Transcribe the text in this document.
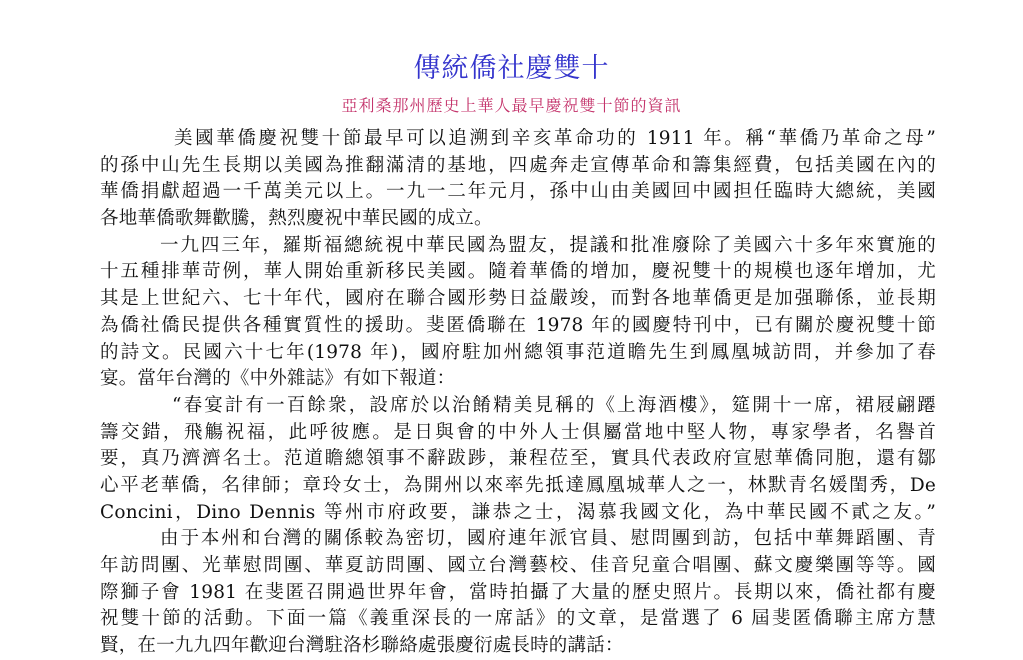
傳統僑社慶雙十
亞利桑那州歷史上華人最早慶祝雙十節的資訊
美國華僑慶祝雙十節最早可以追溯到辛亥革命功的 1911 年。稱“華僑乃革命之母”
的孫中山先生長期以美國為推翻滿清的基地，四處奔走宣傳革命和籌集經費，包括美國在內的
華僑捐獻超過一千萬美元以上。一九一二年元月，孫中山由美國回中國担任臨時大總統，美國
各地華僑歌舞歡騰，熱烈慶祝中華民國的成立。
一九四三年，羅斯福總統視中華民國為盟友，提議和批准廢除了美國六十多年來實施的
十五種排華苛例，華人開始重新移民美國。隨着華僑的增加，慶祝雙十的規模也逐年增加，尤
其是上世紀六、七十年代，國府在聯合國形勢日益嚴竣，而對各地華僑更是加强聯係，並長期
為僑社僑民提供各種實質性的援助。斐匿僑聯在 1978 年的國慶特刊中，已有關於慶祝雙十節
的詩文。民國六十七年(1978 年)，國府駐加州總領事范道瞻先生到鳳凰城訪問，并參加了春
宴。當年台灣的《中外雜誌》有如下報道：
“春宴計有一百餘衆，設席於以治餚精美見稱的《上海酒樓》，筵開十一席，裙屐翩蹮
籌交錯，飛觴祝福，此呼彼應。是日與會的中外人士俱屬當地中堅人物，專家學者，名譽首
要，真乃濟濟名士。范道瞻總領事不辭跋踄，兼程莅至，實具代表政府宣慰華僑同胞，還有鄒
心平老華僑，名律師；章玲女士，為開州以來率先抵達鳳凰城華人之一，林默青名媛閨秀，De
Concini，Dino Dennis 等州市府政要，謙恭之士，渴慕我國文化，為中華民國不貳之友。”
由于本州和台灣的關係較為密切，國府連年派官員、慰問團到訪，包括中華舞蹈團、青
年訪問團、光華慰問團、華夏訪問團、國立台灣藝校、佳音兒童合唱團、蘇文慶樂團等等。國
際獅子會 1981 在斐匿召開過世界年會，當時拍攝了大量的歷史照片。長期以來，僑社都有慶
祝雙十節的活動。下面一篇《義重深長的一席話》的文章，是當選了 6 屆斐匿僑聯主席方慧
賢，在一九九四年歡迎台灣駐洛杉聯絡處張慶衍處長時的講話：
